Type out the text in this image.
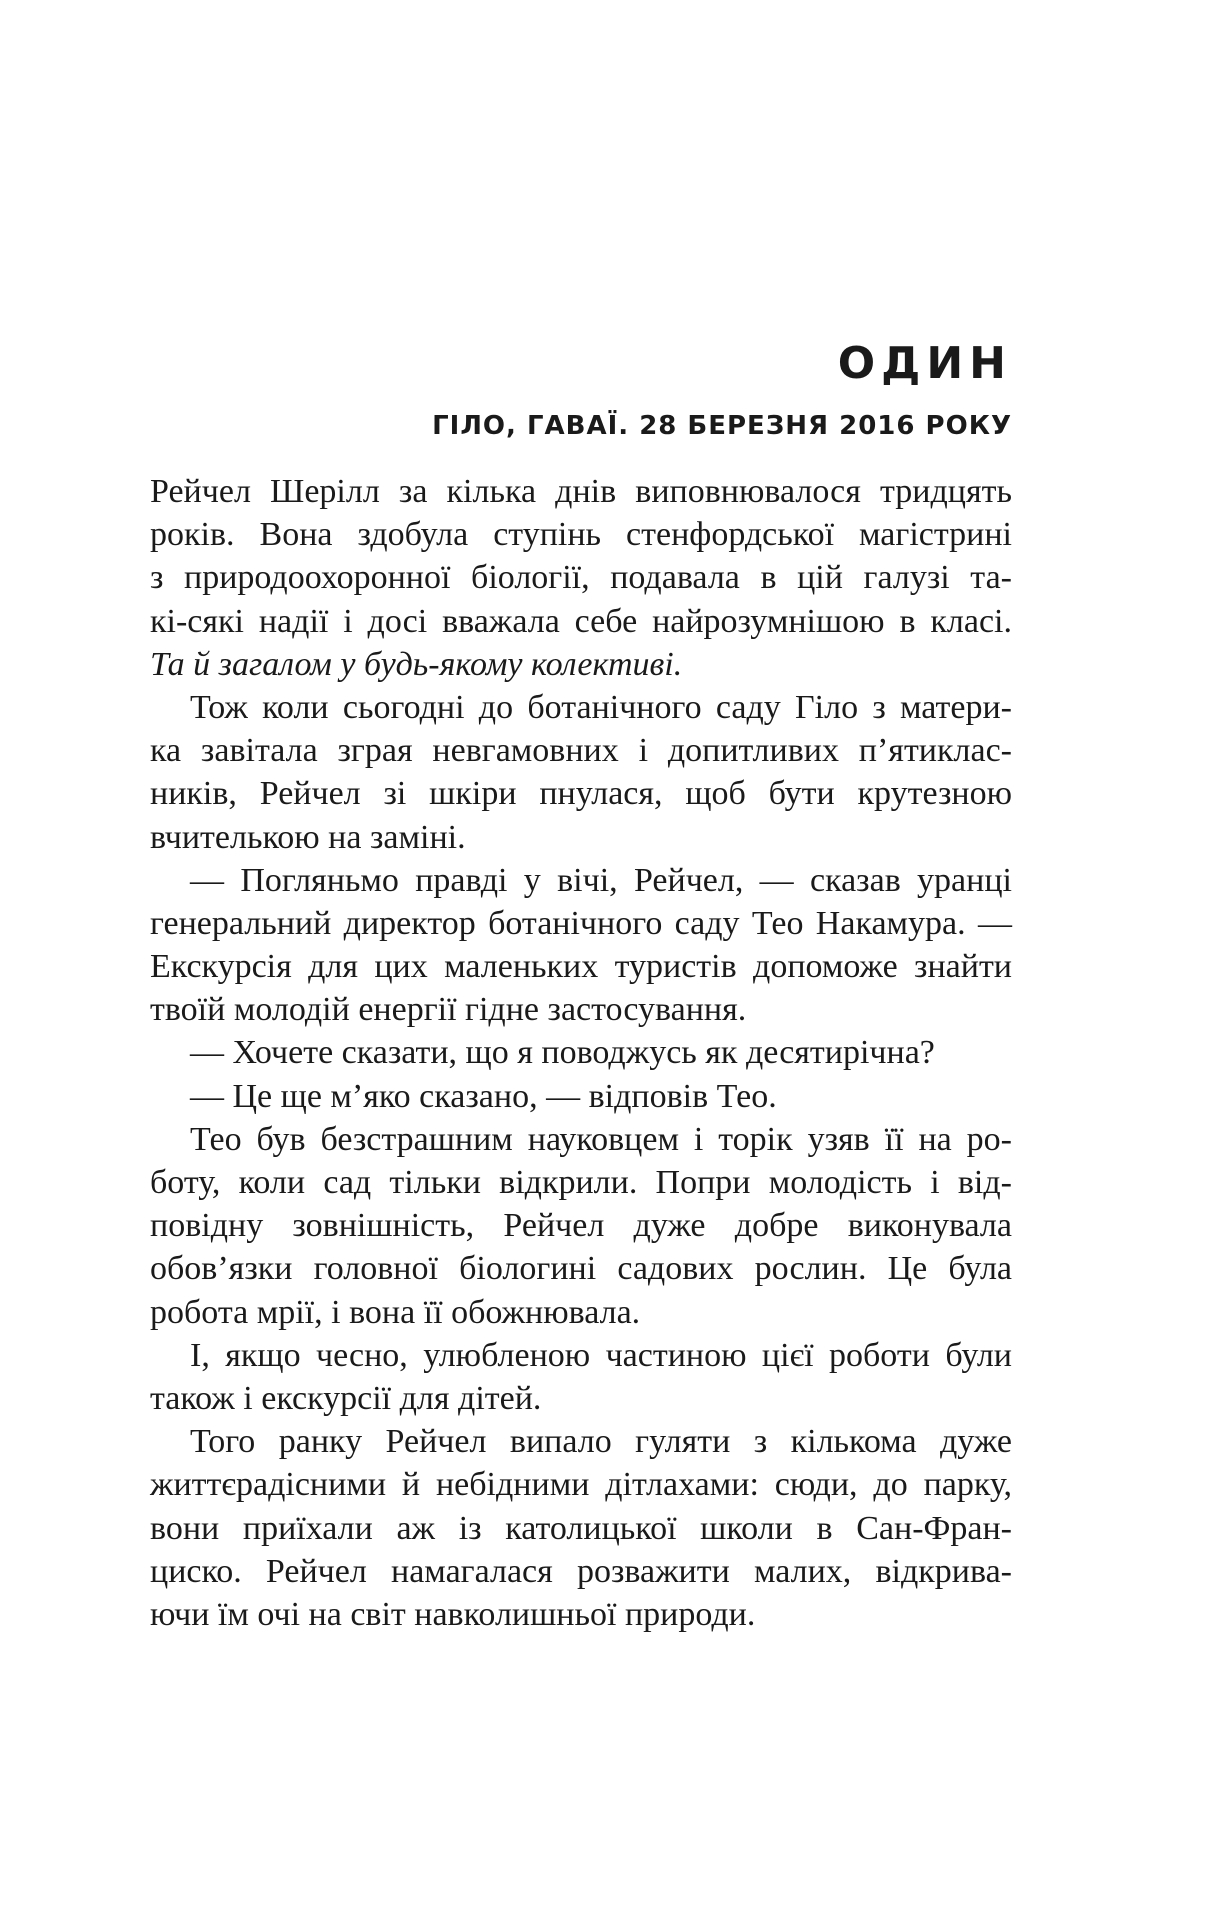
ОДИН
ГІЛО, ГАВАЇ. 28 БЕРЕЗНЯ 2016 РОКУ
Рейчел Шерілл за кілька днів виповнювалося тридцять
років. Вона здобула ступінь стенфордської магістрині
з природоохоронної біології, подавала в цій галузі та-
кі-сякі надії і досі вважала себе найрозумнішою в класі.
Та й загалом у будь-якому колективі.
Тож коли сьогодні до ботанічного саду Гіло з матери-
ка завітала зграя невгамовних і допитливих п’ятиклас-
ників, Рейчел зі шкіри пнулася, щоб бути крутезною
вчителькою на заміні.
— Погляньмо правді у вічі, Рейчел, — сказав уранці
генеральний директор ботанічного саду Тео Накамура. —
Екскурсія для цих маленьких туристів допоможе знайти
твоїй молодій енергії гідне застосування.
— Хочете сказати, що я поводжусь як десятирічна?
— Це ще м’яко сказано, — відповів Тео.
Тео був безстрашним науковцем і торік узяв її на ро-
боту, коли сад тільки відкрили. Попри молодість і від-
повідну зовнішність, Рейчел дуже добре виконувала
обов’язки головної біологині садових рослин. Це була
робота мрії, і вона її обожнювала.
І, якщо чесно, улюбленою частиною цієї роботи були
також і екскурсії для дітей.
Того ранку Рейчел випало гуляти з кількома дуже
життєрадісними й небідними дітлахами: сюди, до парку,
вони приїхали аж із католицької школи в Сан-Фран-
циско. Рейчел намагалася розважити малих, відкрива-
ючи їм очі на світ навколишньої природи.
